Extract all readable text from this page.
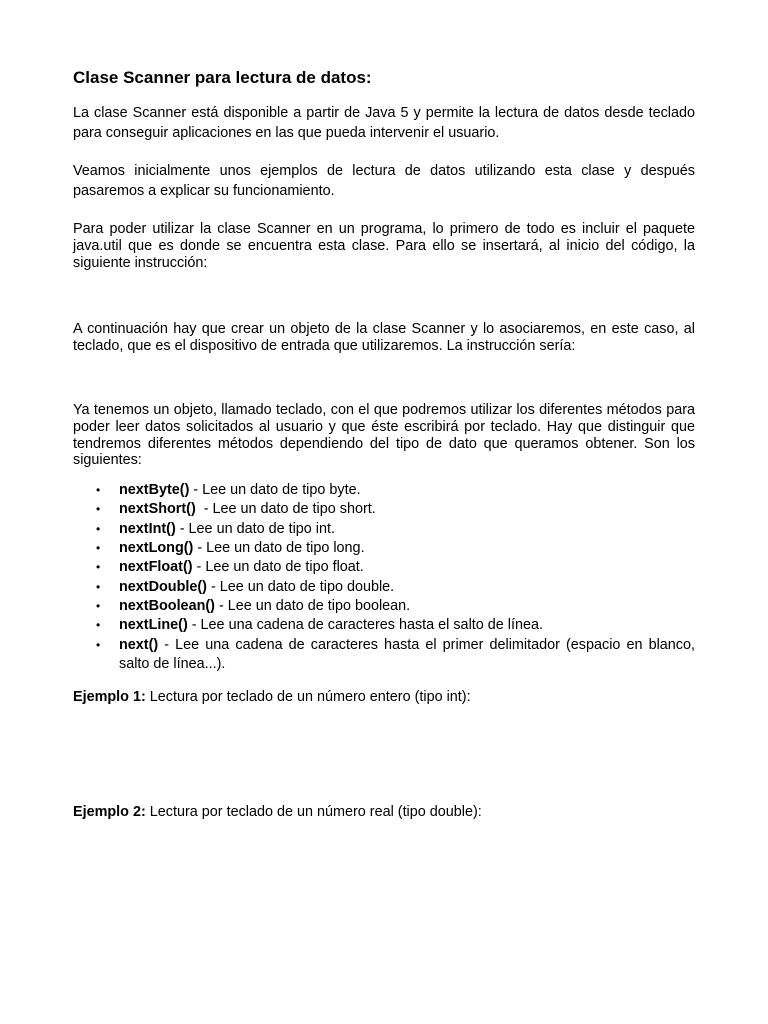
Clase Scanner para lectura de datos:

La clase Scanner está disponible a partir de Java 5 y permite la lectura de datos desde teclado para conseguir aplicaciones en las que pueda intervenir el usuario.

Veamos inicialmente unos ejemplos de lectura de datos utilizando esta clase y después pasaremos a explicar su funcionamiento.

Para poder utilizar la clase Scanner en un programa, lo primero de todo es incluir el paquete java.util que es donde se encuentra esta clase. Para ello se insertará, al inicio del código, la siguiente instrucción:

A continuación hay que crear un objeto de la clase Scanner y lo asociaremos, en este caso, al teclado, que es el dispositivo de entrada que utilizaremos. La instrucción sería:

Ya tenemos un objeto, llamado teclado, con el que podremos utilizar los diferentes métodos para poder leer datos solicitados al usuario y que éste escribirá por teclado. Hay que distinguir que tendremos diferentes métodos dependiendo del tipo de dato que queramos obtener. Son los siguientes:

• nextByte() - Lee un dato de tipo byte.
• nextShort()  - Lee un dato de tipo short.
• nextInt() - Lee un dato de tipo int.
• nextLong() - Lee un dato de tipo long.
• nextFloat() - Lee un dato de tipo float.
• nextDouble() - Lee un dato de tipo double.
• nextBoolean() - Lee un dato de tipo boolean.
• nextLine() - Lee una cadena de caracteres hasta el salto de línea.
• next() - Lee una cadena de caracteres hasta el primer delimitador (espacio en blanco, salto de línea...).
Ejemplo 1: Lectura por teclado de un número entero (tipo int):
Ejemplo 2: Lectura por teclado de un número real (tipo double):
